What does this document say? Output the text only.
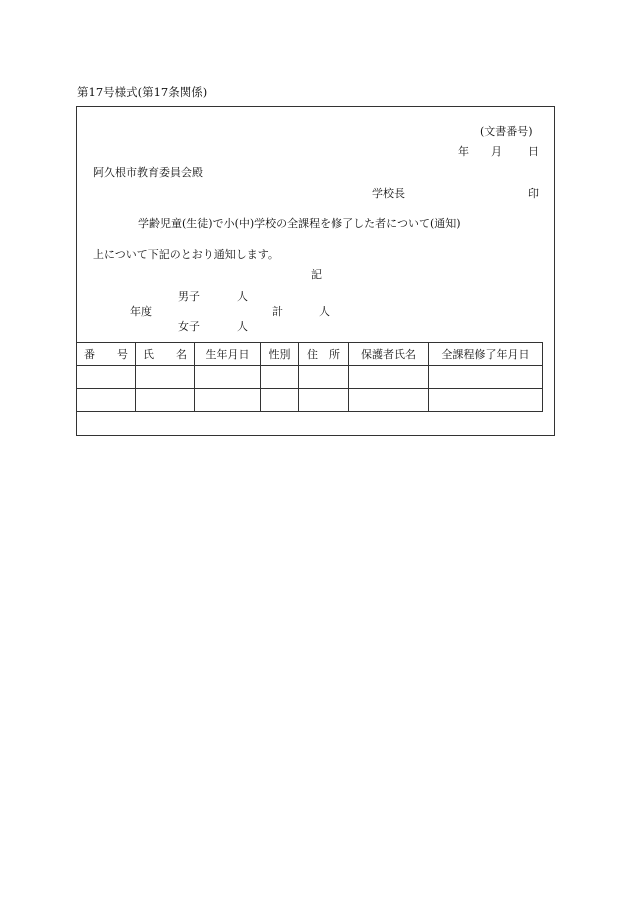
第17号様式(第17条関係)
(文書番号)
年 月 日
阿久根市教育委員会殿
学校長	印
学齢児童(生徒)で小(中)学校の全課程を修了した者について(通知)
上について下記のとおり通知します。
記
男子	人
年度	計	人
女子	人
番　　号	氏　　名	生年月日	性別	住　所	保護者氏名	全課程修了年月日
